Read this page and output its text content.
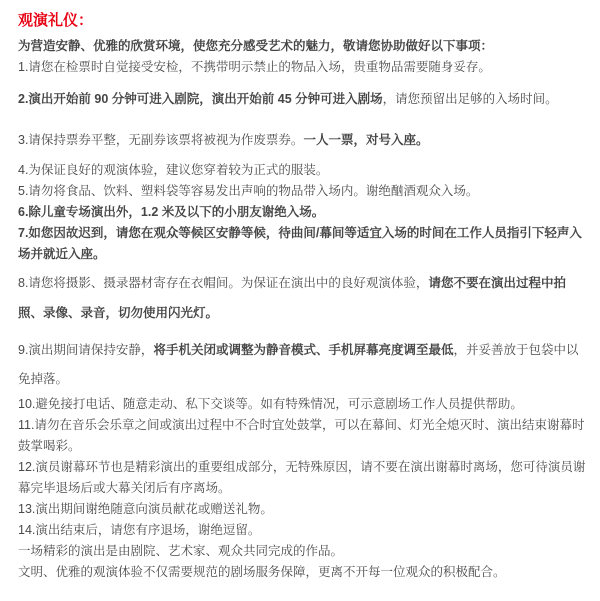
观演礼仪：

为营造安静、优雅的欣赏环境，使您充分感受艺术的魅力，敬请您协助做好以下事项：

1.请您在检票时自觉接受安检，不携带明示禁止的物品入场，贵重物品需要随身妥存。

2.演出开始前 90 分钟可进入剧院，演出开始前 45 分钟可进入剧场，请您预留出足够的入场时间。

3.请保持票券平整，无副券该票将被视为作废票券。一人一票，对号入座。

4.为保证良好的观演体验，建议您穿着较为正式的服装。

5.请勿将食品、饮料、塑料袋等容易发出声响的物品带入场内。谢绝酗酒观众入场。

6.除儿童专场演出外，1.2 米及以下的小朋友谢绝入场。

7.如您因故迟到，请您在观众等候区安静等候，待曲间/幕间等适宜入场的时间在工作人员指引下轻声入场并就近入座。

8.请您将摄影、摄录器材寄存在衣帽间。为保证在演出中的良好观演体验，请您不要在演出过程中拍照、录像、录音，切勿使用闪光灯。

9.演出期间请保持安静，将手机关闭或调整为静音模式、手机屏幕亮度调至最低，并妥善放于包袋中以免掉落。

10.避免接打电话、随意走动、私下交谈等。如有特殊情况，可示意剧场工作人员提供帮助。

11.请勿在音乐会乐章之间或演出过程中不合时宜处鼓掌，可以在幕间、灯光全熄灭时、演出结束谢幕时鼓掌喝彩。

12.演员谢幕环节也是精彩演出的重要组成部分，无特殊原因，请不要在演出谢幕时离场，您可待演员谢幕完毕退场后或大幕关闭后有序离场。

13.演出期间谢绝随意向演员献花或赠送礼物。

14.演出结束后，请您有序退场，谢绝逗留。

一场精彩的演出是由剧院、艺术家、观众共同完成的作品。

文明、优雅的观演体验不仅需要规范的剧场服务保障，更离不开每一位观众的积极配合。
